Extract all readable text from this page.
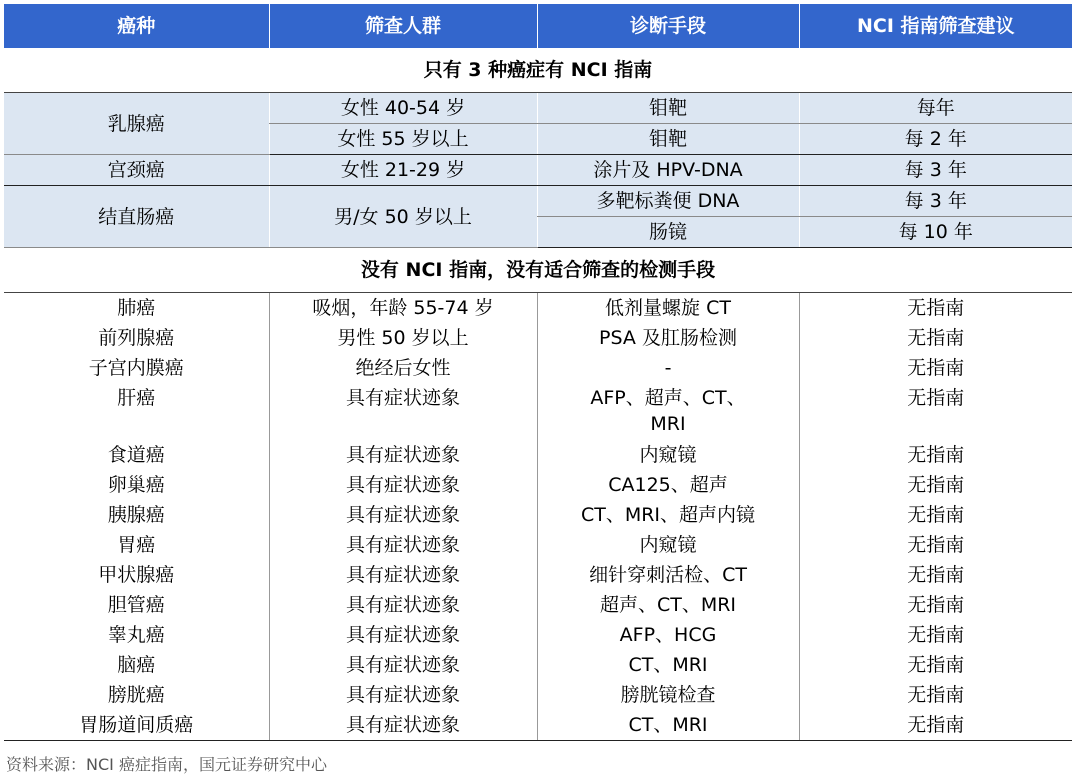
癌种	筛查人群	诊断手段	NCI 指南筛查建议
只有 3 种癌症有 NCI 指南			
乳腺癌	女性 40-54 岁	钼靶	每年
	女性 55 岁以上	钼靶	每 2 年
宫颈癌	女性 21-29 岁	涂片及 HPV-DNA	每 3 年
结直肠癌	男/女 50 岁以上	多靶标粪便 DNA	每 3 年
		肠镜	每 10 年
没有 NCI 指南，没有适合筛查的检测手段			
肺癌	吸烟，年龄 55-74 岁	低剂量螺旋 CT	无指南
前列腺癌	男性 50 岁以上	PSA 及肛肠检测	无指南
子宫内膜癌	绝经后女性	-	无指南
肝癌	具有症状迹象	AFP、超声、CT、MRI	无指南
食道癌	具有症状迹象	内窥镜	无指南
卵巢癌	具有症状迹象	CA125、超声	无指南
胰腺癌	具有症状迹象	CT、MRI、超声内镜	无指南
胃癌	具有症状迹象	内窥镜	无指南
甲状腺癌	具有症状迹象	细针穿刺活检、CT	无指南
胆管癌	具有症状迹象	超声、CT、MRI	无指南
睾丸癌	具有症状迹象	AFP、HCG	无指南
脑癌	具有症状迹象	CT、MRI	无指南
膀胱癌	具有症状迹象	膀胱镜检查	无指南
胃肠道间质癌	具有症状迹象	CT、MRI	无指南
资料来源：NCI 癌症指南，国元证券研究中心
